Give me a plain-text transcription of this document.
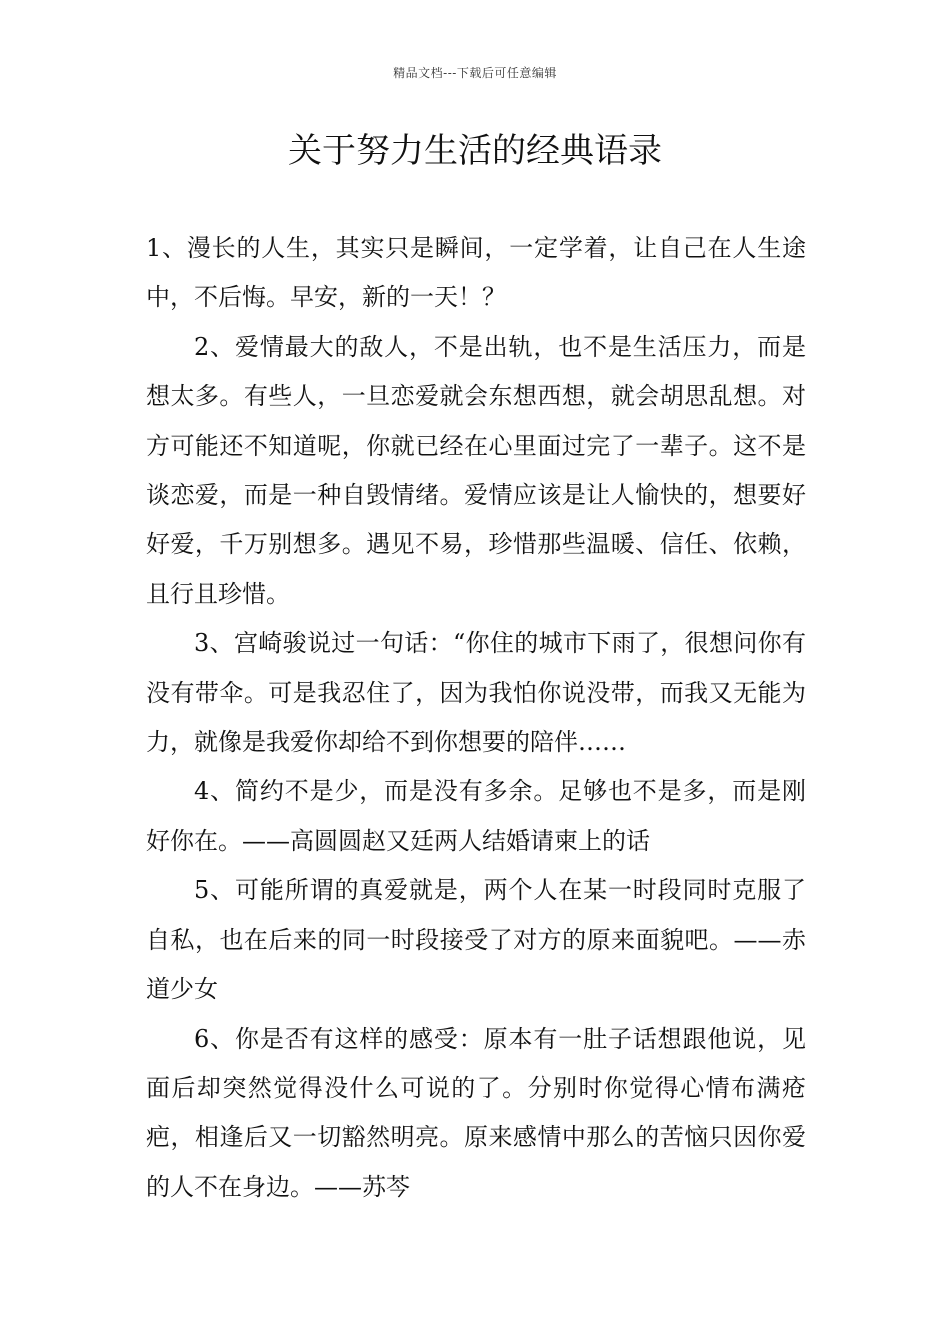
精品文档---下载后可任意编辑
关于努力生活的经典语录

1、漫长的人生，其实只是瞬间，一定学着，让自己在人生途中，不后悔。早安，新的一天！？

2、爱情最大的敌人，不是出轨，也不是生活压力，而是想太多。有些人，一旦恋爱就会东想西想，就会胡思乱想。对方可能还不知道呢，你就已经在心里面过完了一辈子。这不是谈恋爱，而是一种自毁情绪。爱情应该是让人愉快的，想要好好爱，千万别想多。遇见不易，珍惜那些温暖、信任、依赖，且行且珍惜。

3、宫崎骏说过一句话：“你住的城市下雨了，很想问你有没有带伞。可是我忍住了，因为我怕你说没带，而我又无能为力，就像是我爱你却给不到你想要的陪伴……

4、简约不是少，而是没有多余。足够也不是多，而是刚好你在。——高圆圆赵又廷两人结婚请柬上的话

5、可能所谓的真爱就是，两个人在某一时段同时克服了自私，也在后来的同一时段接受了对方的原来面貌吧。——赤道少女

6、你是否有这样的感受：原本有一肚子话想跟他说，见面后却突然觉得没什么可说的了。分别时你觉得心情布满疮疤，相逢后又一切豁然明亮。原来感情中那么的苦恼只因你爱的人不在身边。——苏芩
